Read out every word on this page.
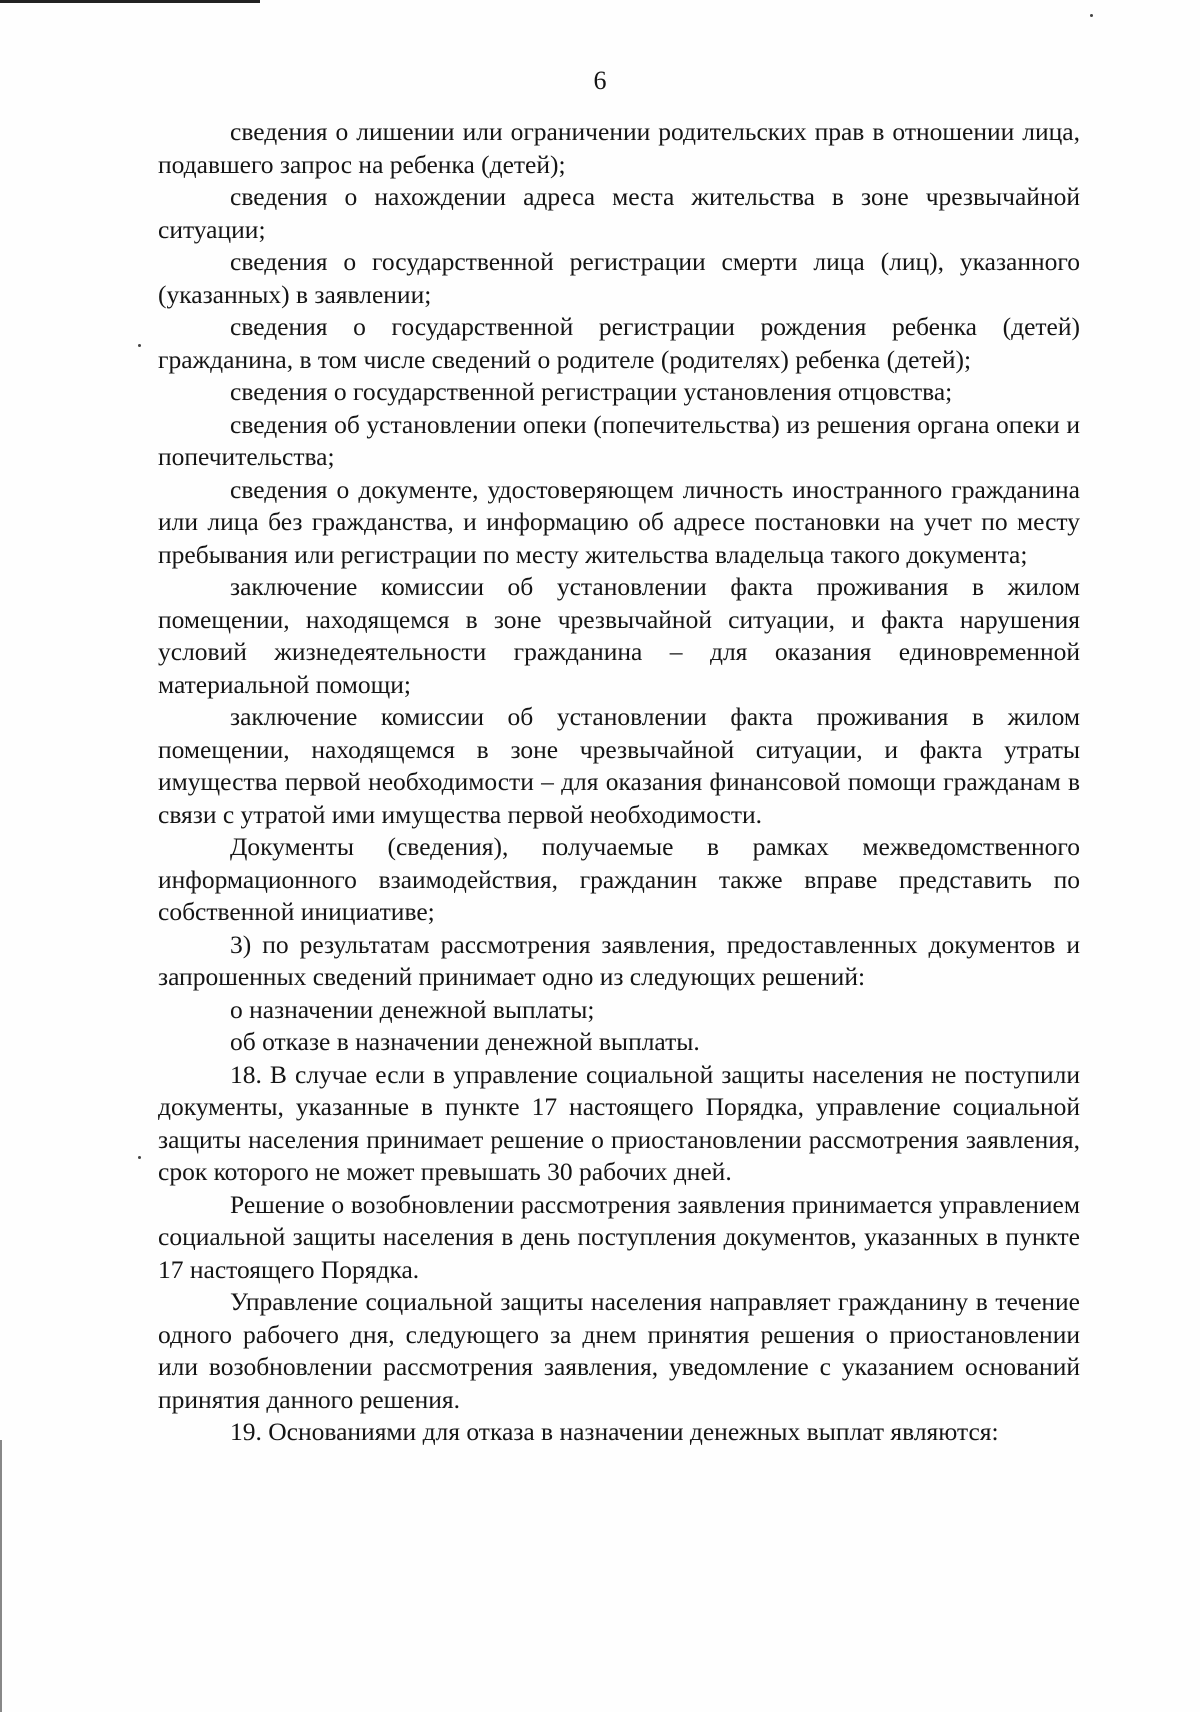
6

сведения о лишении или ограничении родительских прав в отношении лица, подавшего запрос на ребенка (детей);

сведения о нахождении адреса места жительства в зоне чрезвычайной ситуации;

сведения о государственной регистрации смерти лица (лиц), указанного (указанных) в заявлении;

сведения о государственной регистрации рождения ребенка (детей) гражданина, в том числе сведений о родителе (родителях) ребенка (детей);

сведения о государственной регистрации установления отцовства;

сведения об установлении опеки (попечительства) из решения органа опеки и попечительства;

сведения о документе, удостоверяющем личность иностранного гражданина или лица без гражданства, и информацию об адресе постановки на учет по месту пребывания или регистрации по месту жительства владельца такого документа;

заключение комиссии об установлении факта проживания в жилом помещении, находящемся в зоне чрезвычайной ситуации, и факта нарушения условий жизнедеятельности гражданина – для оказания единовременной материальной помощи;

заключение комиссии об установлении факта проживания в жилом помещении, находящемся в зоне чрезвычайной ситуации, и факта утраты имущества первой необходимости – для оказания финансовой помощи гражданам в связи с утратой ими имущества первой необходимости.

Документы (сведения), получаемые в рамках межведомственного информационного взаимодействия, гражданин также вправе представить по собственной инициативе;

3) по результатам рассмотрения заявления, предоставленных документов и запрошенных сведений принимает одно из следующих решений:

о назначении денежной выплаты;

об отказе в назначении денежной выплаты.

18. В случае если в управление социальной защиты населения не поступили документы, указанные в пункте 17 настоящего Порядка, управление социальной защиты населения принимает решение о приостановлении рассмотрения заявления, срок которого не может превышать 30 рабочих дней.

Решение о возобновлении рассмотрения заявления принимается управлением социальной защиты населения в день поступления документов, указанных в пункте 17 настоящего Порядка.

Управление социальной защиты населения направляет гражданину в течение одного рабочего дня, следующего за днем принятия решения о приостановлении или возобновлении рассмотрения заявления, уведомление с указанием оснований принятия данного решения.

19. Основаниями для отказа в назначении денежных выплат являются:
